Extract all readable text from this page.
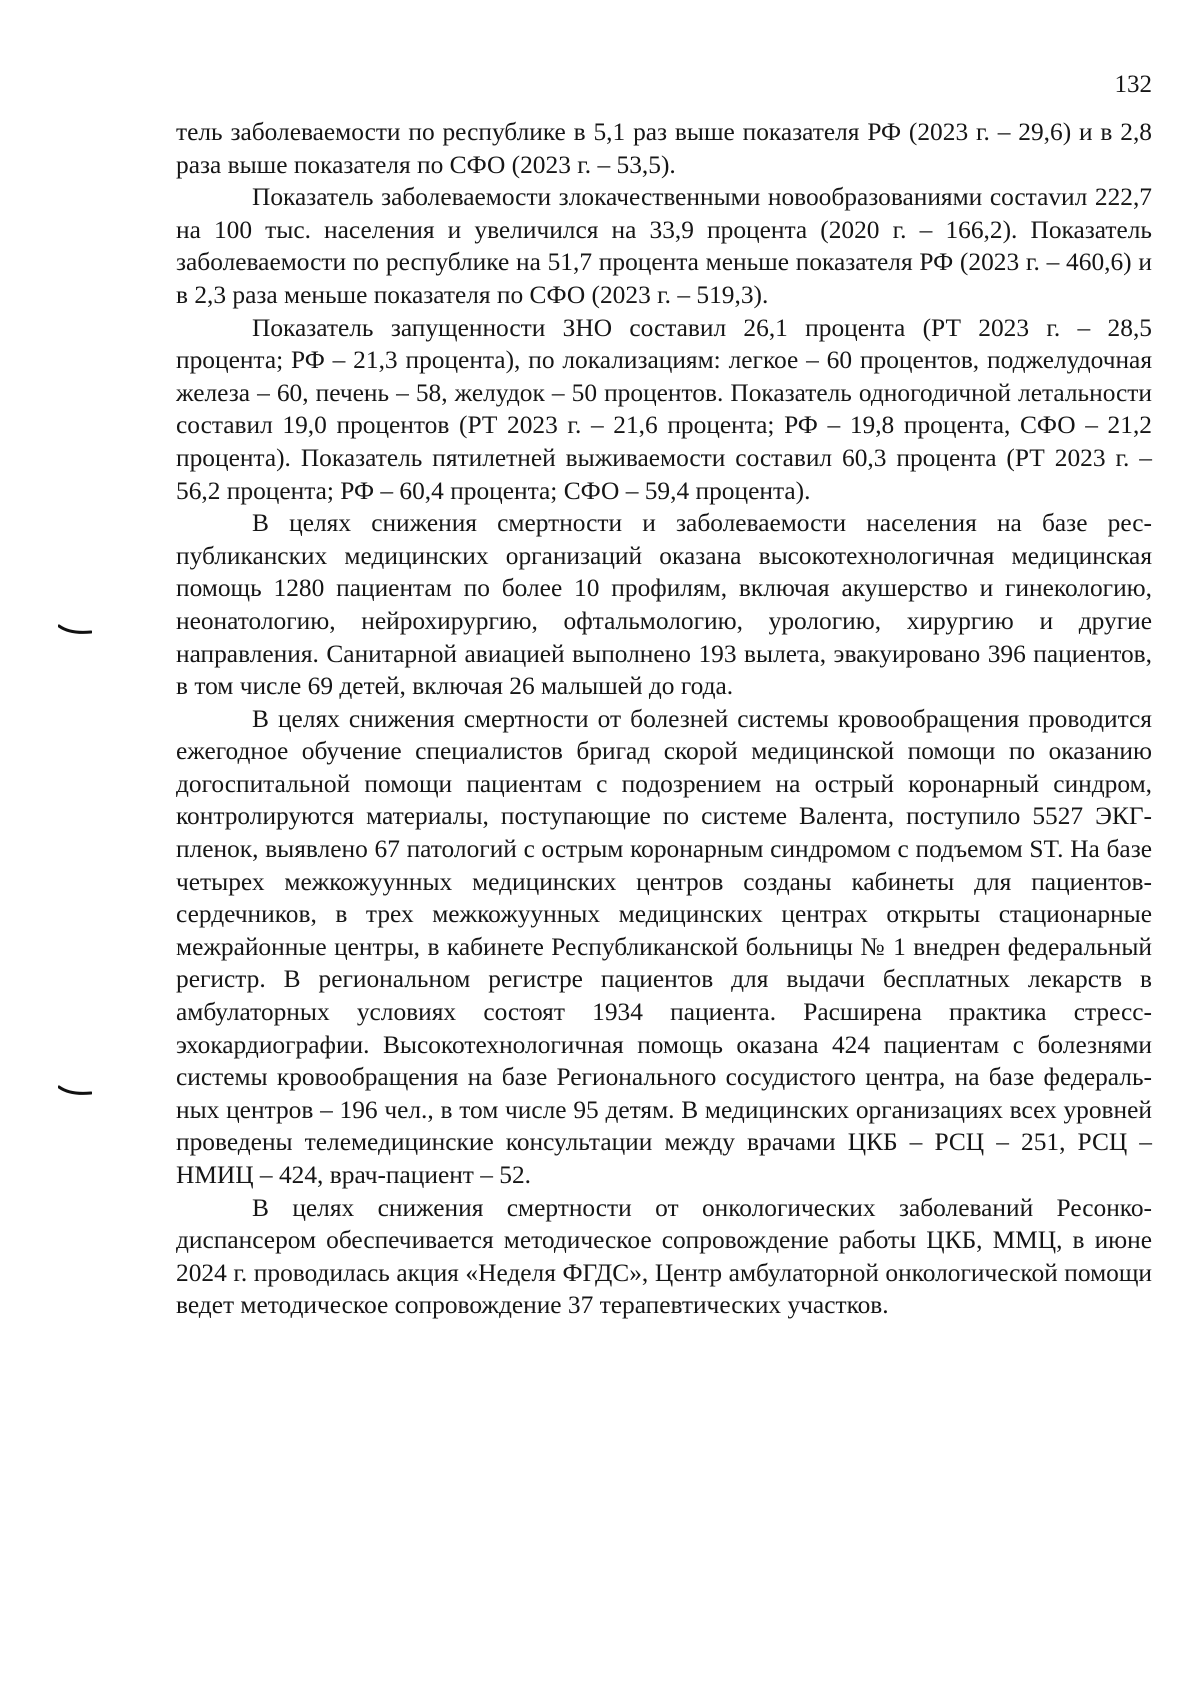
132

тель заболеваемости по республике в 5,1 раз выше показателя РФ (2023 г. – 29,6) и в 2,8 раза выше показателя по СФО (2023 г. – 53,5).

Показатель заболеваемости злокачественными новообразованиями состаvил 222,7 на 100 тыс. населения и увеличился на 33,9 процента (2020 г. – 166,2). Показатель заболеваемости по республике на 51,7 процента меньше показателя РФ (2023 г. – 460,6) и в 2,3 раза меньше показателя по СФО (2023 г. – 519,3).

Показатель запущенности ЗНО составил 26,1 процента (РТ 2023 г. – 28,5 процента; РФ – 21,3 процента), по локализациям: легкое – 60 процентов, поджелудочная железа – 60, печень – 58, желудок – 50 процентов. Показатель одногодичной летальности составил 19,0 процентов (РТ 2023 г. – 21,6 процента; РФ – 19,8 процента, СФО – 21,2 процента). Показатель пятилетней выживаемости составил 60,3 процента (РТ 2023 г. – 56,2 процента; РФ – 60,4 процента; СФО – 59,4 процента).

В целях снижения смертности и заболеваемости населения на базе республиканских медицинских организаций оказана высокотехнологичная медицинская помощь 1280 пациентам по более 10 профилям, включая акушерство и гинекологию, неонатологию, нейрохирургию, офтальмологию, урологию, хирургию и другие направления. Санитарной авиацией выполнено 193 вылета, эвакуировано 396 пациентов, в том числе 69 детей, включая 26 малышей до года.

В целях снижения смертности от болезней системы кровообращения проводится ежегодное обучение специалистов бригад скорой медицинской помощи по оказанию догоспитальной помощи пациентам с подозрением на острый коронарный синдром, контролируются материалы, поступающие по системе Валента, поступило 5527 ЭКГ-пленок, выявлено 67 патологий с острым коронарным синдромом с подъемом ST. На базе четырех межкожуунных медицинских центров созданы кабинеты для пациентов-сердечников, в трех межкожуунных медицинских центрах открыты стационарные межрайонные центры, в кабинете Республиканской больницы № 1 внедрен федеральный регистр. В региональном регистре пациентов для выдачи бесплатных лекарств в амбулаторных условиях состоят 1934 пациента. Расширена практика стресс-эхокардиографии. Высокотехнологичная помощь оказана 424 пациентам с болезнями системы кровообращения на базе Регионального сосудистого центра, на базе федеральных центров – 196 чел., в том числе 95 детям. В медицинских организациях всех уровней проведены телемедицинские консультации между врачами ЦКБ – РСЦ – 251, РСЦ – НМИЦ – 424, врач-пациент – 52.

В целях снижения смертности от онкологических заболеваний Ресонкодиспансером обеспечивается методическое сопровождение работы ЦКБ, ММЦ, в июне 2024 г. проводилась акция «Неделя ФГДС», Центр амбулаторной онкологической помощи ведет методическое сопровождение 37 терапевтических участков.
